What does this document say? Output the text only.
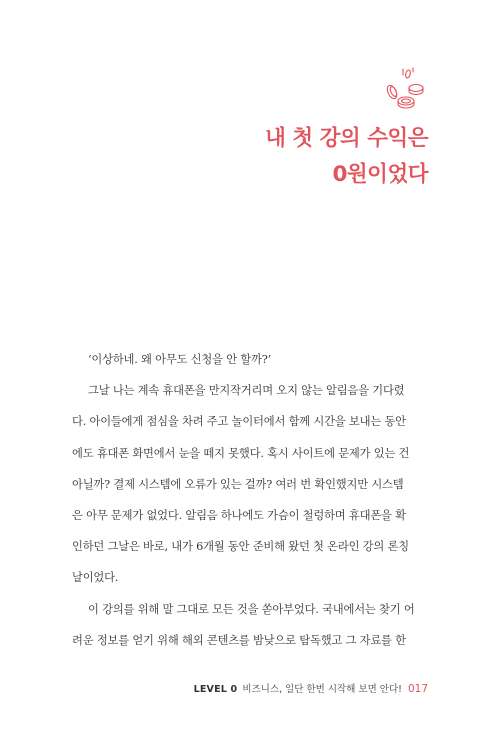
내 첫 강의 수익은
0원이었다
‘이상하네. 왜 아무도 신청을 안 할까?’
그날 나는 계속 휴대폰을 만지작거리며 오지 않는 알림음을 기다렸
다. 아이들에게 점심을 차려 주고 놀이터에서 함께 시간을 보내는 동안
에도 휴대폰 화면에서 눈을 떼지 못했다. 혹시 사이트에 문제가 있는 건
아닐까? 결제 시스템에 오류가 있는 걸까? 여러 번 확인했지만 시스템
은 아무 문제가 없었다. 알림음 하나에도 가슴이 철렁하며 휴대폰을 확
인하던 그날은 바로, 내가 6개월 동안 준비해 왔던 첫 온라인 강의 론칭
날이었다.
이 강의를 위해 말 그대로 모든 것을 쏟아부었다. 국내에서는 찾기 어
려운 정보를 얻기 위해 해외 콘텐츠를 밤낮으로 탐독했고 그 자료를 한
LEVEL 0 비즈니스, 일단 한번 시작해 보면 안다! 017
